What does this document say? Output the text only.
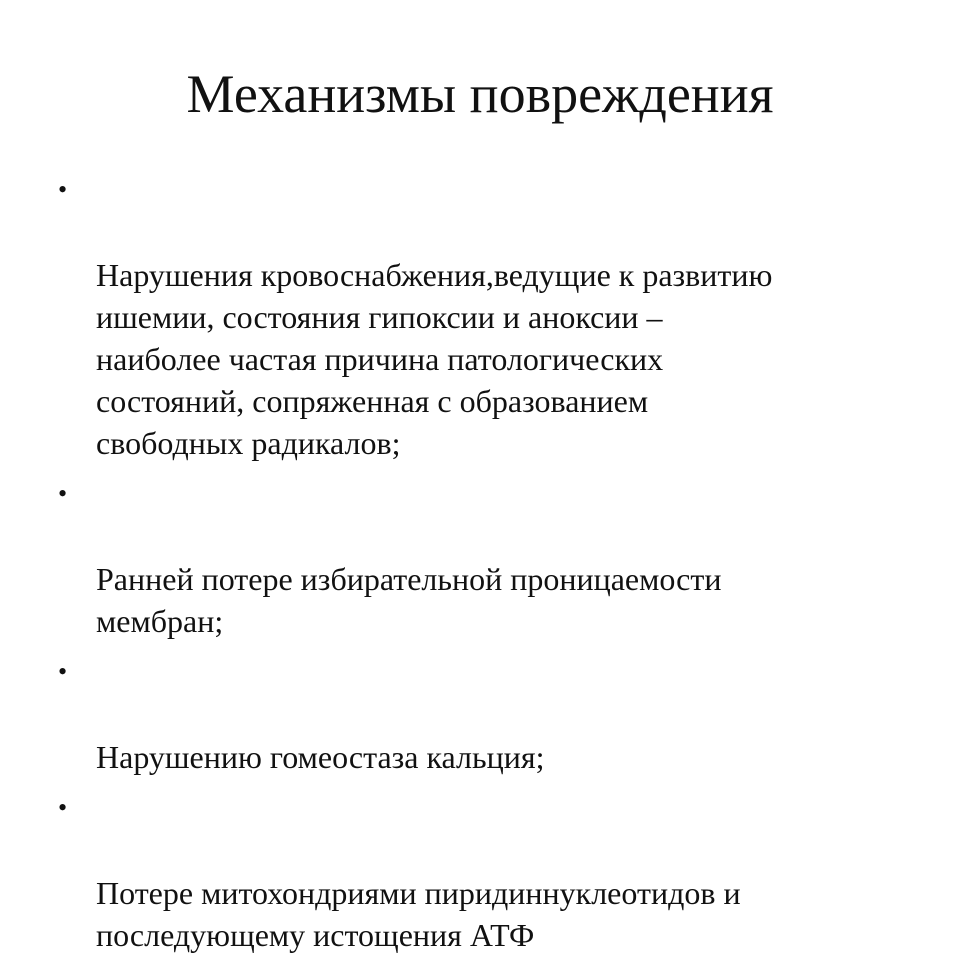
Механизмы повреждения

•

Нарушения кровоснабжения,ведущие к развитию
ишемии, состояния гипоксии и аноксии –
наиболее частая причина патологических
состояний, сопряженная с образованием
свободных радикалов;

•

Ранней потере избирательной проницаемости
мембран;

•

Нарушению гомеостаза кальция;

•

Потере митохондриями пиридиннуклеотидов и
последующему истощения АТФ
